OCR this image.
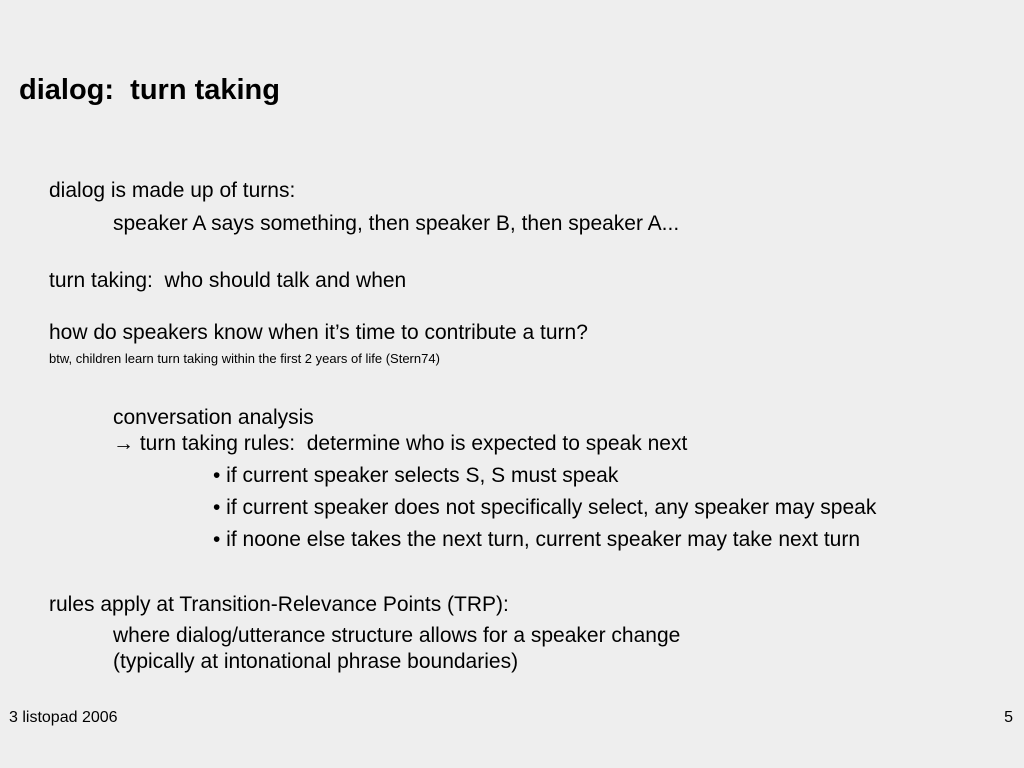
dialog:  turn taking
dialog is made up of turns:
speaker A says something, then speaker B, then speaker A...
turn taking:  who should talk and when
how do speakers know when it’s time to contribute a turn?
btw, children learn turn taking within the first 2 years of life (Stern74)
conversation analysis
→ turn taking rules:  determine who is expected to speak next
• if current speaker selects S, S must speak
• if current speaker does not specifically select, any speaker may speak
• if noone else takes the next turn, current speaker may take next turn
rules apply at Transition-Relevance Points (TRP):
where dialog/utterance structure allows for a speaker change
(typically at intonational phrase boundaries)
3 listopad 2006	5
